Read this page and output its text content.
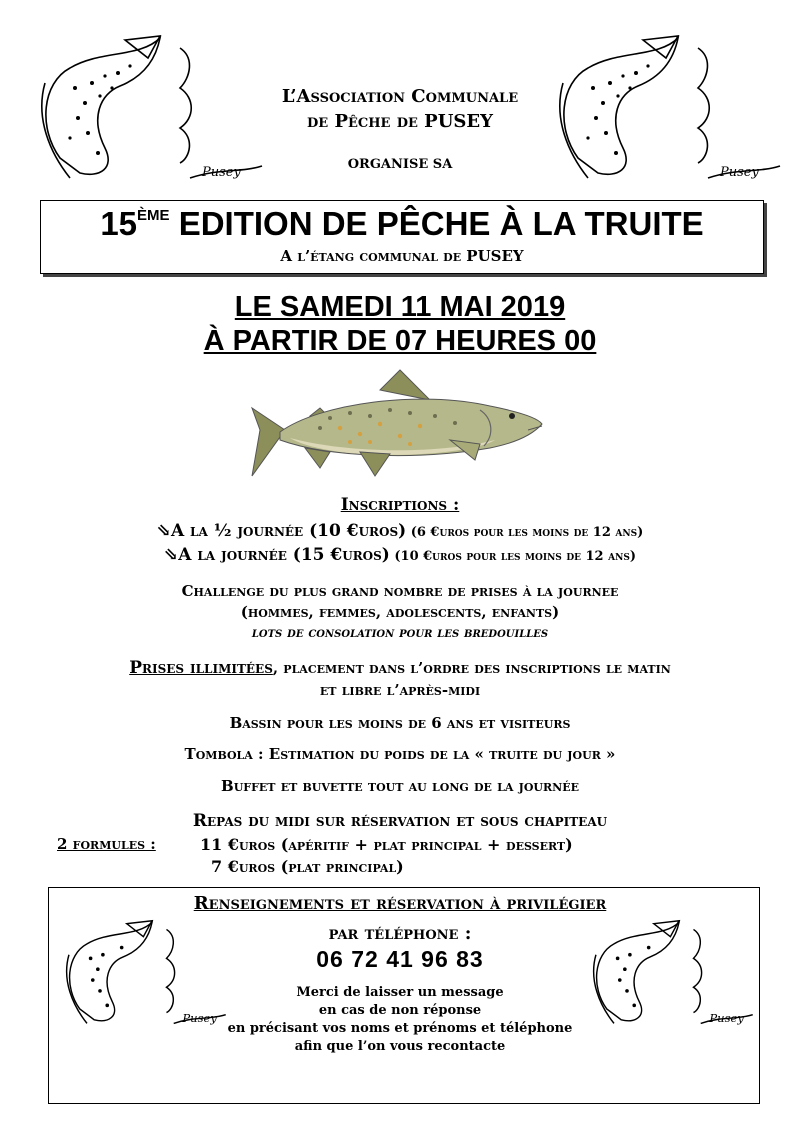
Pusey	Pusey
L’Association Communale
de Pêche de PUSEY
ORGANISE SA
15ÈME EDITION DE PÊCHE À LA TRUITE
A l’étang communal de PUSEY
LE SAMEDI 11 MAI 2019
À PARTIR DE 07 HEURES 00
Inscriptions :
⇘A la ½ journée (10 €uros) (6 €uros pour les moins de 12 ans)
⇘A la journée (15 €uros) (10 €uros pour les moins de 12 ans)
Challenge du plus grand nombre de prises à la journee
(hommes, femmes, adolescents, enfants)
lots de consolation pour les bredouilles
Prises illimitées, placement dans l’ordre des inscriptions le matin
et libre l’après-midi
Bassin pour les moins de 6 ans et visiteurs
Tombola : Estimation du poids de la « truite du jour »
Buffet et buvette tout au long de la journée
Repas du midi sur réservation et sous chapiteau
2 formules :	11 €uros (apéritif + plat principal + dessert)
7 €uros (plat principal)
Renseignements et réservation à privilégier
par téléphone :
06 72 41 96 83
Merci de laisser un message
en cas de non réponse
en précisant vos noms et prénoms et téléphone
afin que l’on vous recontacte
Pusey	Pusey
